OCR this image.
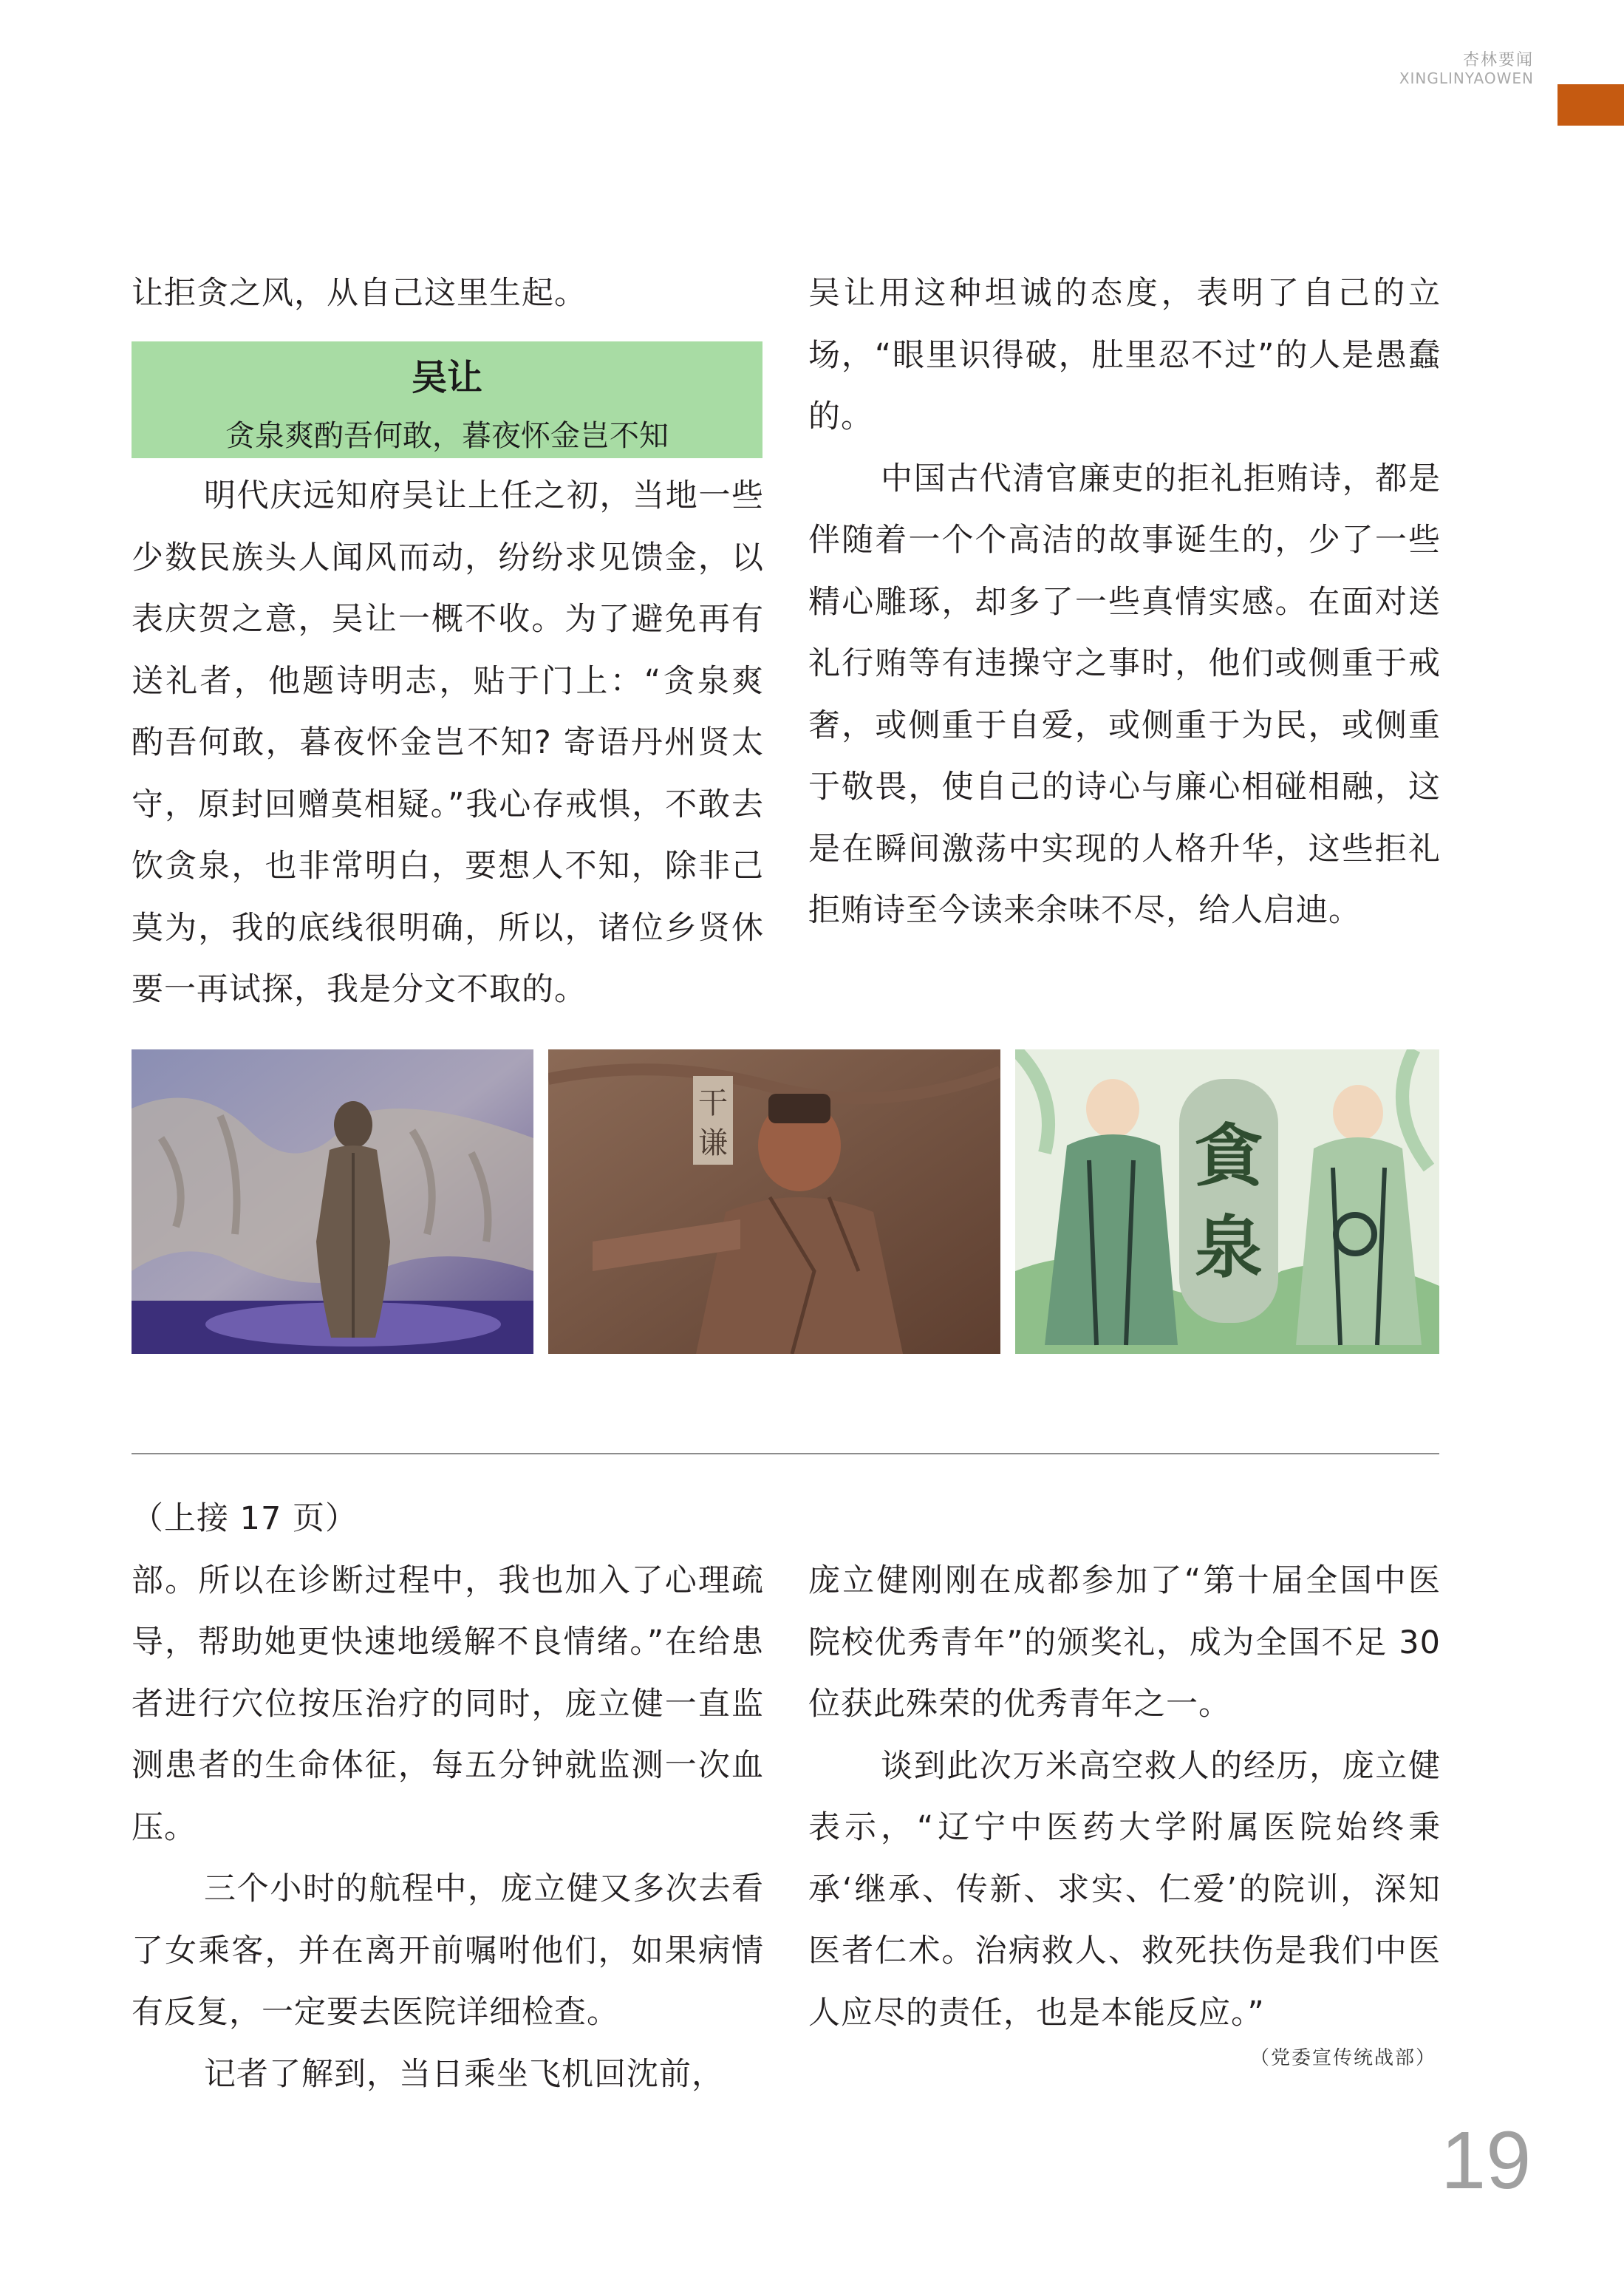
杏林要闻
XINGLINYAOWEN

让拒贪之风，从自己这里生起。

吴让
贪泉爽酌吾何敢，暮夜怀金岂不知

明代庆远知府吴让上任之初，当地一些少数民族头人闻风而动，纷纷求见馈金，以表庆贺之意，吴让一概不收。为了避免再有送礼者，他题诗明志，贴于门上：“贪泉爽酌吾何敢，暮夜怀金岂不知? 寄语丹州贤太守，原封回赠莫相疑。”我心存戒惧，不敢去饮贪泉，也非常明白，要想人不知，除非己莫为，我的底线很明确，所以，诸位乡贤休要一再试探，我是分文不取的。

吴让用这种坦诚的态度，表明了自己的立场，“眼里识得破，肚里忍不过”的人是愚蠢的。

中国古代清官廉吏的拒礼拒贿诗，都是伴随着一个个高洁的故事诞生的，少了一些精心雕琢，却多了一些真情实感。在面对送礼行贿等有违操守之事时，他们或侧重于戒奢，或侧重于自爱，或侧重于为民，或侧重于敬畏，使自己的诗心与廉心相碰相融，这是在瞬间激荡中实现的人格升华，这些拒礼拒贿诗至今读来余味不尽，给人启迪。

干
谦	貪
泉

（上接 17 页）

部。所以在诊断过程中，我也加入了心理疏导，帮助她更快速地缓解不良情绪。”在给患者进行穴位按压治疗的同时，庞立健一直监测患者的生命体征，每五分钟就监测一次血压。

三个小时的航程中，庞立健又多次去看了女乘客，并在离开前嘱咐他们，如果病情有反复，一定要去医院详细检查。

记者了解到，当日乘坐飞机回沈前，

庞立健刚刚在成都参加了“第十届全国中医院校优秀青年”的颁奖礼，成为全国不足 30 位获此殊荣的优秀青年之一。

谈到此次万米高空救人的经历，庞立健表示，“辽宁中医药大学附属医院始终秉承‘继承、传新、求实、仁爱’的院训，深知医者仁术。治病救人、救死扶伤是我们中医人应尽的责任，也是本能反应。”

（党委宣传统战部）
19
